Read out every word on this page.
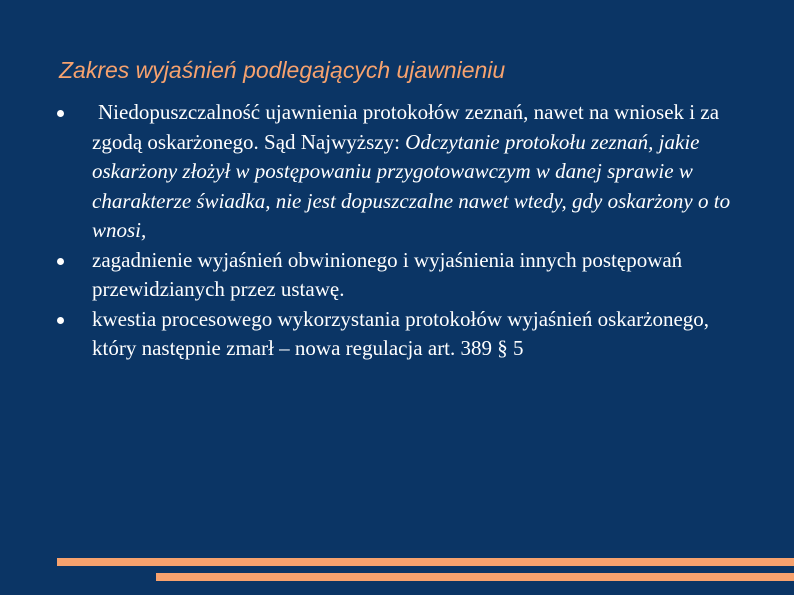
Zakres wyjaśnień podlegających ujawnieniu
Niedopuszczalność ujawnienia protokołów zeznań, nawet na wniosek i za zgodą oskarżonego. Sąd Najwyższy: Odczytanie protokołu zeznań, jakie oskarżony złożył w postępowaniu przygotowawczym w danej sprawie w charakterze świadka, nie jest dopuszczalne nawet wtedy, gdy oskarżony o to wnosi,
zagadnienie wyjaśnień obwinionego i wyjaśnienia innych postępowań przewidzianych przez ustawę.
kwestia procesowego wykorzystania protokołów wyjaśnień oskarżonego, który następnie zmarł – nowa regulacja art. 389 § 5
